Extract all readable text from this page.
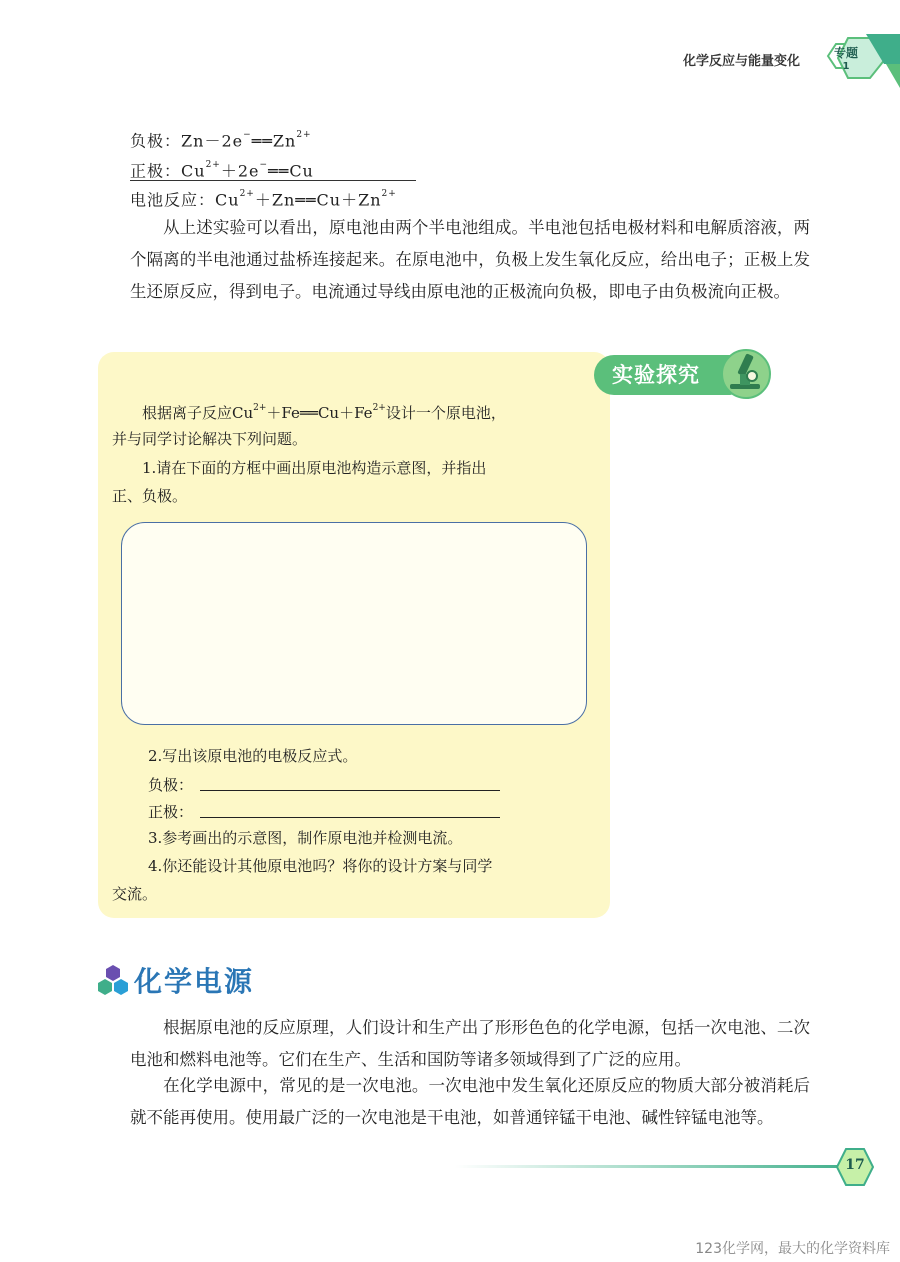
化学反应与能量变化
专题
1
负极：$Zn-2e^-══Zn^{2+}$
正极：$Cu^{2+}+2e^-══Cu$
电池反应：$Cu^{2+}+Zn══Cu+Zn^{2+}$
从上述实验可以看出，原电池由两个半电池组成。半电池包括电极材料和电解质溶液，两个隔离的半电池通过盐桥连接起来。在原电池中，负极上发生氧化反应，给出电子；正极上发生还原反应，得到电子。电流通过导线由原电池的正极流向负极，即电子由负极流向正极。
实验探究
根据离子反应$Cu^{2+}+Fe══Cu+Fe^{2+}$设计一个原电池，
并与同学讨论解决下列问题。
1.请在下面的方框中画出原电池构造示意图，并指出
正、负极。
2.写出该原电池的电极反应式。
负极：
正极：
3.参考画出的示意图，制作原电池并检测电流。
4.你还能设计其他原电池吗？将你的设计方案与同学
交流。
化学电源
根据原电池的反应原理，人们设计和生产出了形形色色的化学电源，包括一次电池、二次电池和燃料电池等。它们在生产、生活和国防等诸多领域得到了广泛的应用。
在化学电源中，常见的是一次电池。一次电池中发生氧化还原反应的物质大部分被消耗后就不能再使用。使用最广泛的一次电池是干电池，如普通锌锰干电池、碱性锌锰电池等。
17
123化学网，最大的化学资料库
